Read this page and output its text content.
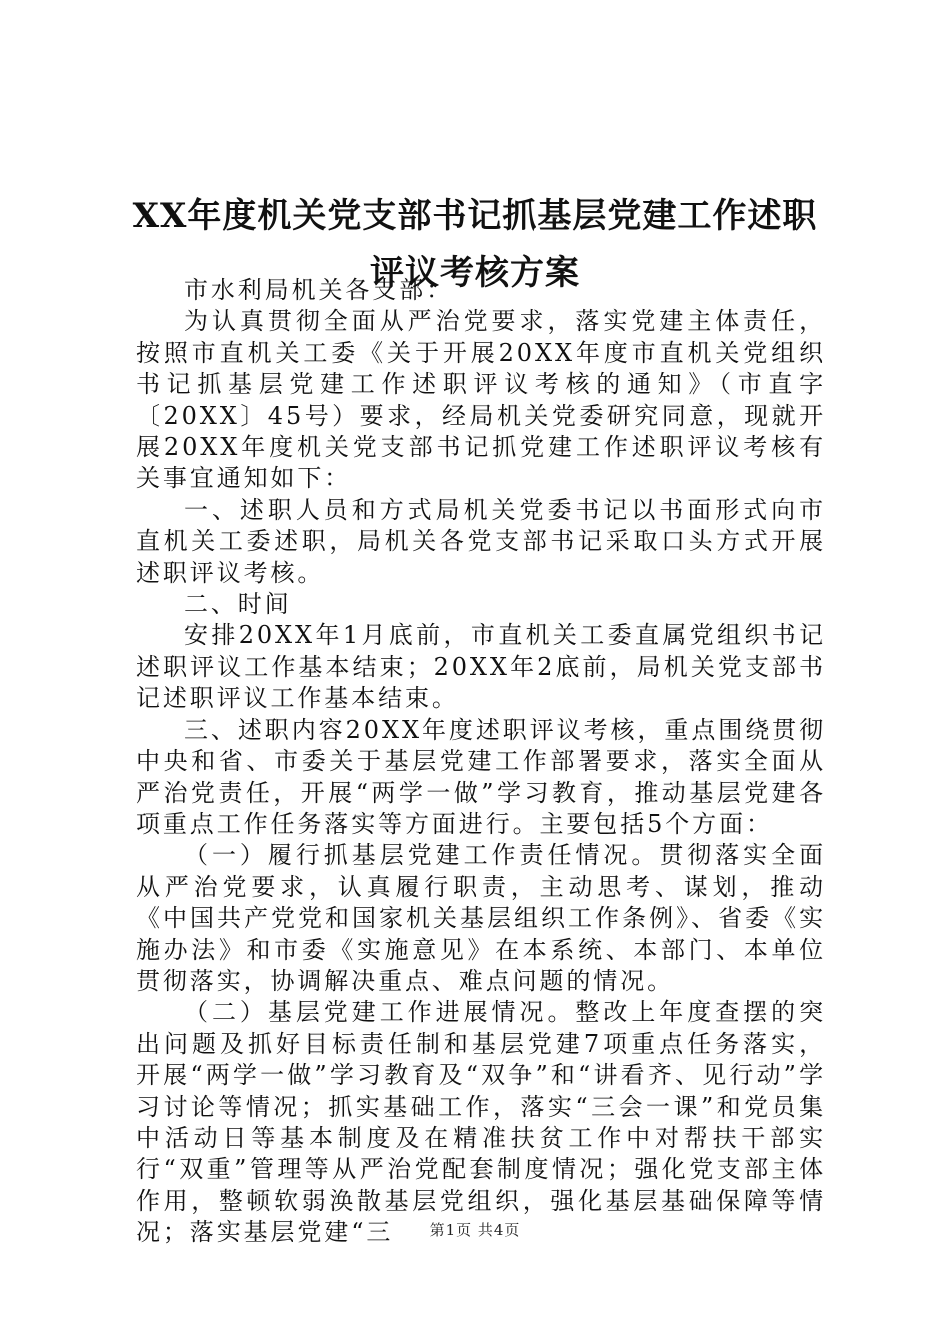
XX年度机关党支部书记抓基层党建工作述职
评议考核方案

市水利局机关各支部：

为认真贯彻全面从严治党要求，落实党建主体责任，按照市直机关工委《关于开展20XX年度市直机关党组织书记抓基层党建工作述职评议考核的通知》（市直字〔20XX〕45号）要求，经局机关党委研究同意，现就开展20XX年度机关党支部书记抓党建工作述职评议考核有关事宜通知如下：

一、述职人员和方式局机关党委书记以书面形式向市直机关工委述职，局机关各党支部书记采取口头方式开展述职评议考核。

二、时间

安排20XX年1月底前，市直机关工委直属党组织书记述职评议工作基本结束；20XX年2底前，局机关党支部书记述职评议工作基本结束。

三、述职内容20XX年度述职评议考核，重点围绕贯彻中央和省、市委关于基层党建工作部署要求，落实全面从严治党责任，开展“两学一做”学习教育，推动基层党建各项重点工作任务落实等方面进行。主要包括5个方面：

（一）履行抓基层党建工作责任情况。贯彻落实全面从严治党要求，认真履行职责，主动思考、谋划，推动《中国共产党党和国家机关基层组织工作条例》、省委《实施办法》和市委《实施意见》在本系统、本部门、本单位贯彻落实，协调解决重点、难点问题的情况。

（二）基层党建工作进展情况。整改上年度查摆的突出问题及抓好目标责任制和基层党建7项重点任务落实，开展“两学一做”学习教育及“双争”和“讲看齐、见行动”学习讨论等情况；抓实基础工作，落实“三会一课”和党员集中活动日等基本制度及在精准扶贫工作中对帮扶干部实行“双重”管理等从严治党配套制度情况；强化党支部主体作用，整顿软弱涣散基层党组织，强化基层基础保障等情况；落实基层党建“三	第1页 共4页
